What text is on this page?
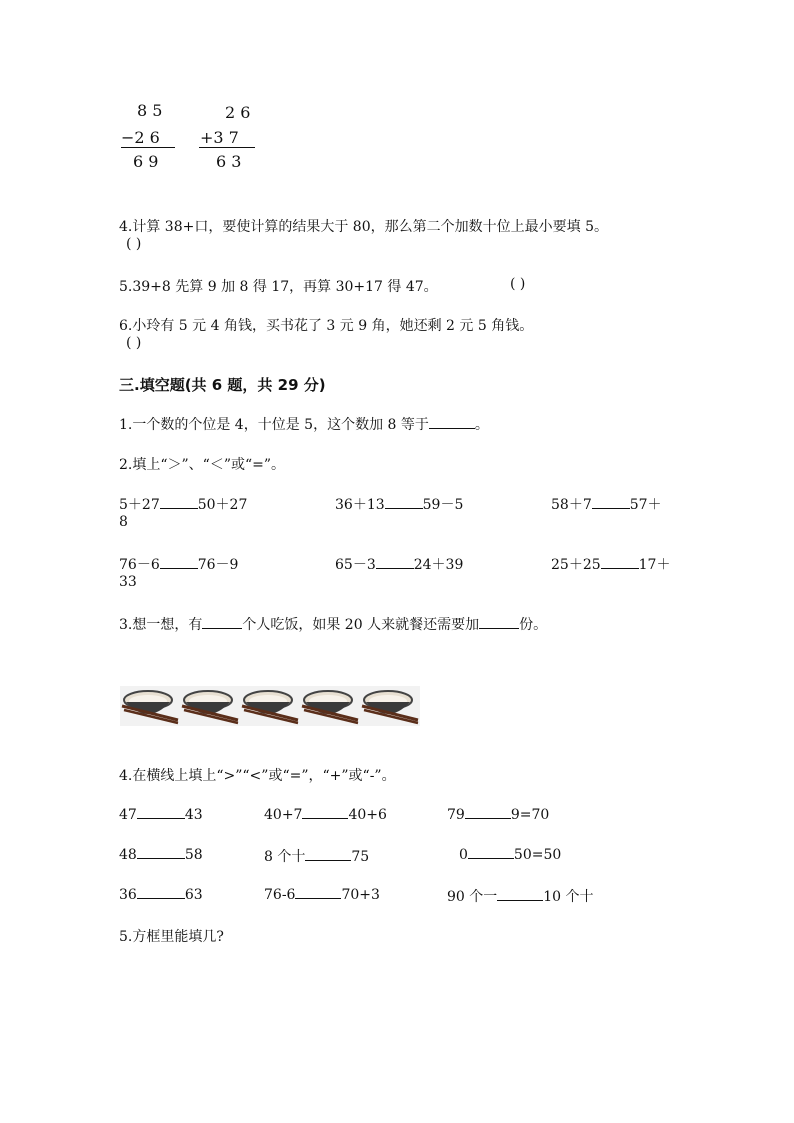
8 5
−2 6
6 9
2 6
+3 7
6 3
4.计算 38+口，要使计算的结果大于 80，那么第二个加数十位上最小要填 5。
( )
5.39+8 先算 9 加 8 得 17，再算 30+17 得 47。	( )
6.小玲有 5 元 4 角钱，买书花了 3 元 9 角，她还剩 2 元 5 角钱。
( )
三.填空题(共 6 题，共 29 分)
1.一个数的个位是 4，十位是 5，这个数加 8 等于	。
2.填上“＞”、“＜”或“=”。
5＋27	50＋27	36＋13	59－5	58＋7	57＋
8
76－6	76－9	65－3	24＋39	25＋25	17＋
33
3.想一想，有	个人吃饭，如果 20 人来就餐还需要加	份。
4.在横线上填上“>”“<”或“=”，“+”或“-”。
47	43	40+7	40+6	79	9=70
48	58	8 个十	75	0	50=50
36	63	76-6	70+3	90 个一	10 个十
5.方框里能填几?
